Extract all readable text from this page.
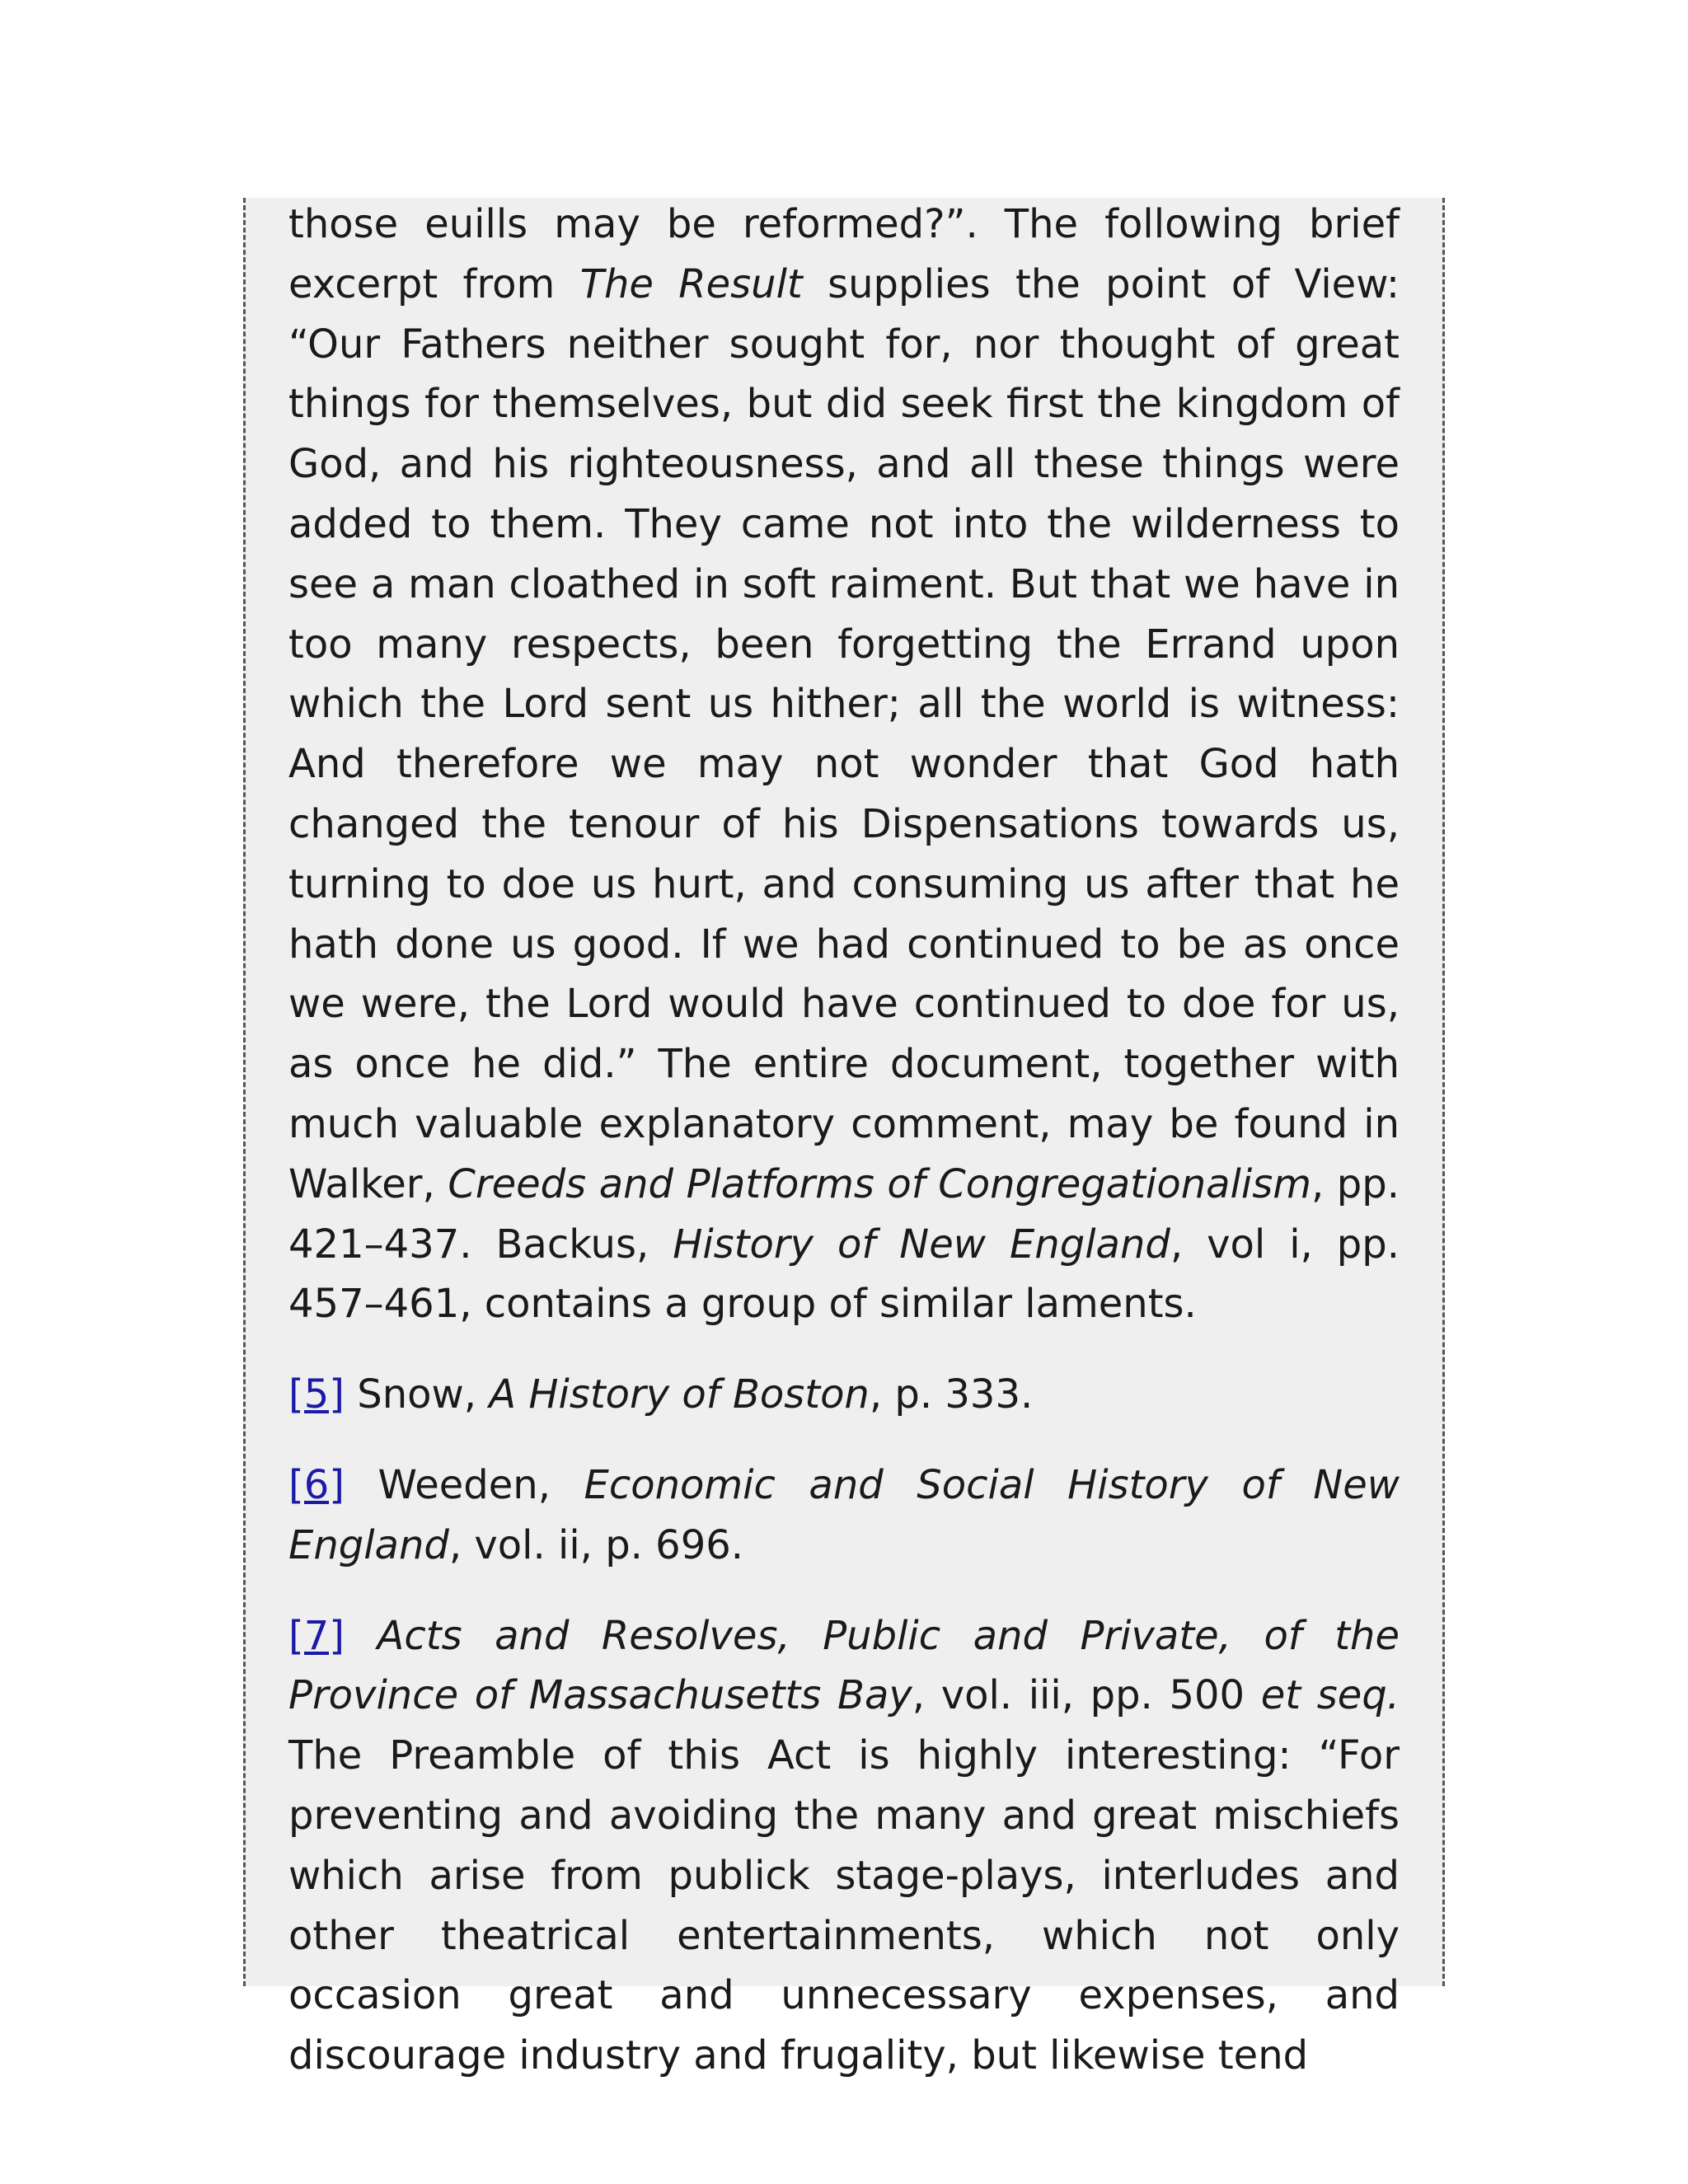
those euills may be reformed?”. The following brief excerpt from The Result supplies the point of View: “Our Fathers neither sought for, nor thought of great things for themselves, but did seek first the kingdom of God, and his righteousness, and all these things were added to them. They came not into the wilderness to see a man cloathed in soft raiment. But that we have in too many respects, been forgetting the Errand upon which the Lord sent us hither; all the world is witness: And therefore we may not wonder that God hath changed the tenour of his Dispensations towards us, turning to doe us hurt, and consuming us after that he hath done us good. If we had continued to be as once we were, the Lord would have continued to doe for us, as once he did.” The entire document, together with much valuable explanatory comment, may be found in Walker, Creeds and Platforms of Congregationalism, pp. 421–437. Backus, History of New England, vol i, pp. 457–461, contains a group of similar laments.

[5] Snow, A History of Boston, p. 333.

[6] Weeden, Economic and Social History of New England, vol. ii, p. 696.

[7] Acts and Resolves, Public and Private, of the Province of Massachusetts Bay, vol. iii, pp. 500 et seq. The Preamble of this Act is highly interesting: “For preventing and avoiding the many and great mischiefs which arise from publick stage-plays, interludes and other theatrical entertainments, which not only occasion great and unnecessary expenses, and discourage industry and frugality, but likewise tend
